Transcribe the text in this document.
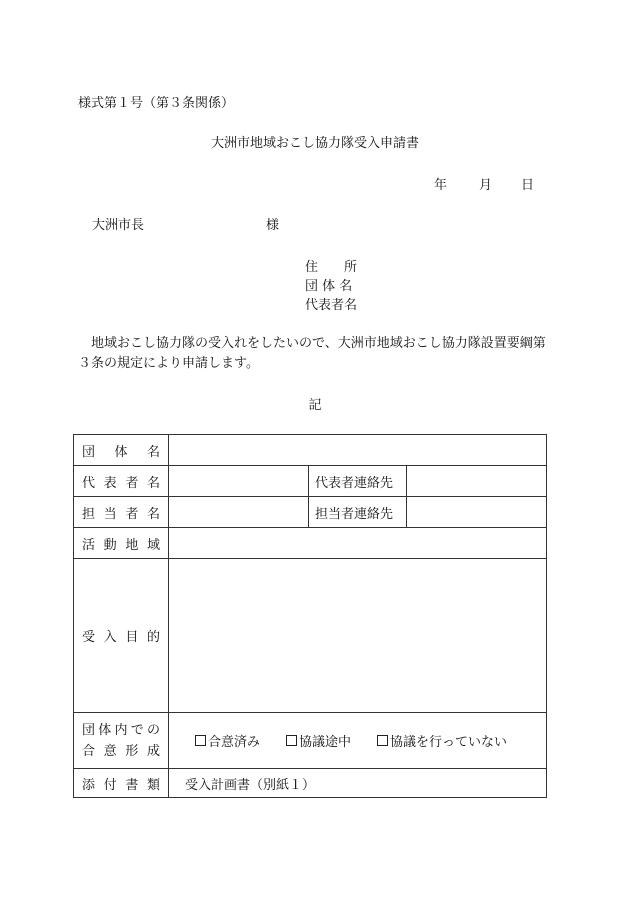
様式第１号（第３条関係）
大洲市地域おこし協力隊受入申請書
年 月 日
大洲市長	様
住　　所
団 体 名
代表者名
地域おこし協力隊の受入れをしたいので、大洲市地域おこし協力隊設置要綱第３条の規定により申請します。
記
団体名			
代表者名		代表者連絡先	
担当者名		担当者連絡先	
活動地域			
受入目的			

団体内での
合意形成	合意済み 協議途中 協議を行っていない		
添付書類	受入計画書（別紙１）		
